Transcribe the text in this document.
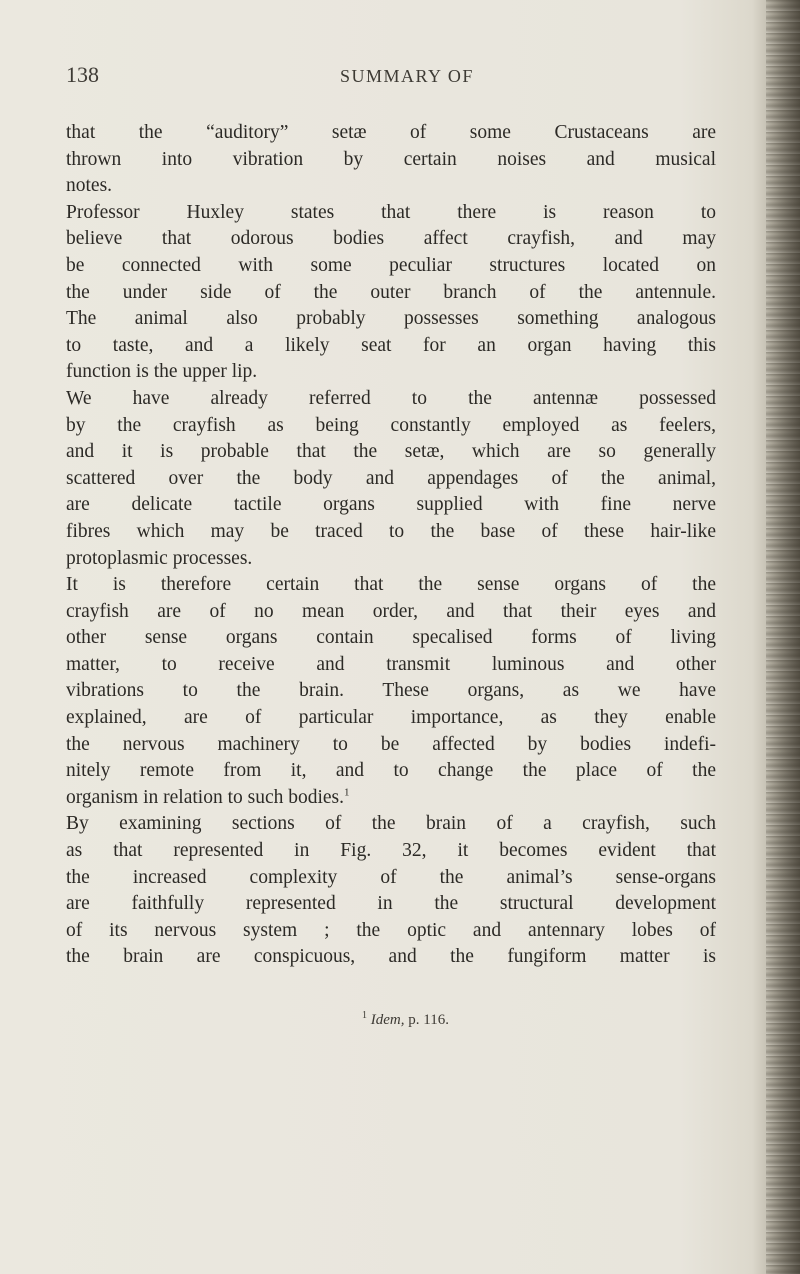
138	SUMMARY OF
that the “auditory” setæ of some Crustaceans are
thrown into vibration by certain noises and musical
notes.
Professor Huxley states that there is reason to
believe that odorous bodies affect crayfish, and may
be connected with some peculiar structures located on
the under side of the outer branch of the antennule.
The animal also probably possesses something analogous
to taste, and a likely seat for an organ having this
function is the upper lip.
We have already referred to the antennæ possessed
by the crayfish as being constantly employed as feelers,
and it is probable that the setæ, which are so generally
scattered over the body and appendages of the animal,
are delicate tactile organs supplied with fine nerve
fibres which may be traced to the base of these hair-like
protoplasmic processes.
It is therefore certain that the sense organs of the
crayfish are of no mean order, and that their eyes and
other sense organs contain specalised forms of living
matter, to receive and transmit luminous and other
vibrations to the brain. These organs, as we have
explained, are of particular importance, as they enable
the nervous machinery to be affected by bodies indefi-
nitely remote from it, and to change the place of the
organism in relation to such bodies.$^1$
By examining sections of the brain of a crayfish, such
as that represented in Fig. 32, it becomes evident that
the increased complexity of the animal’s sense-organs
are faithfully represented in the structural development
of its nervous system ; the optic and antennary lobes of
the brain are conspicuous, and the fungiform matter is
$^1$ Idem, p. 116.
